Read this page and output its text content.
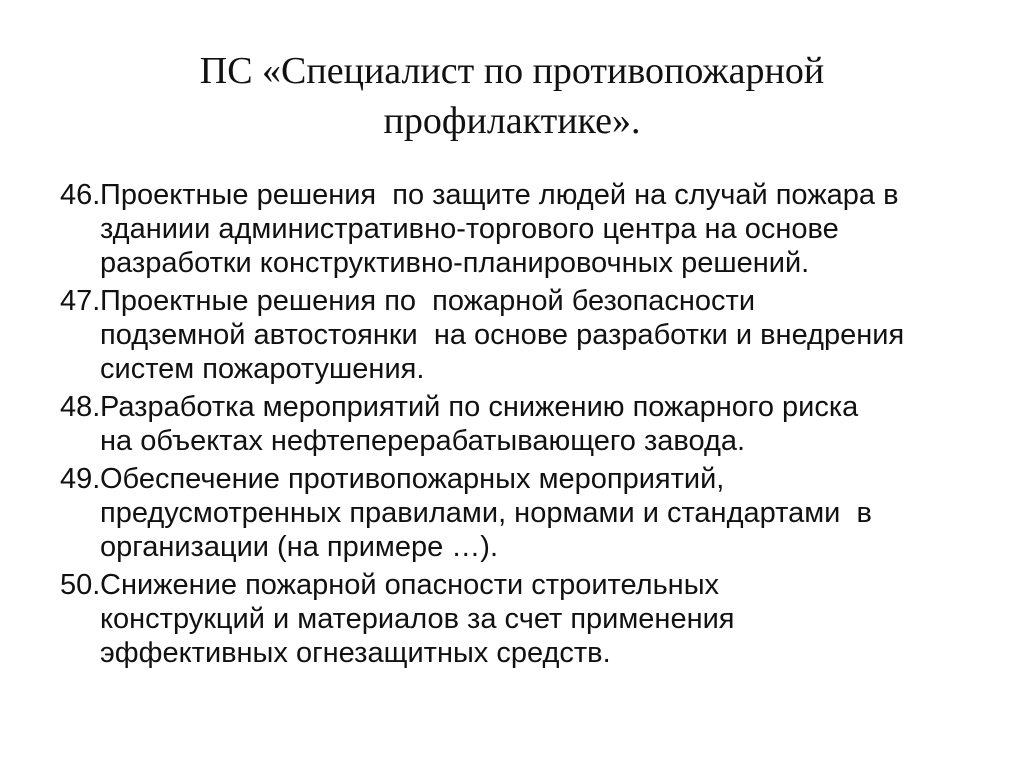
ПС «Специалист по противопожарной
профилактике».
46. Проектные решения  по защите людей на случай пожара в
зданиии административно-торгового центра на основе
разработки конструктивно-планировочных решений.
47. Проектные решения по  пожарной безопасности
подземной автостоянки  на основе разработки и внедрения
систем пожаротушения.
48. Разработка мероприятий по снижению пожарного риска
на объектах нефтеперерабатывающего завода.
49. Обеспечение противопожарных мероприятий,
предусмотренных правилами, нормами и стандартами  в
организации (на примере …).
50. Снижение пожарной опасности строительных
конструкций и материалов за счет применения
эффективных огнезащитных средств.
